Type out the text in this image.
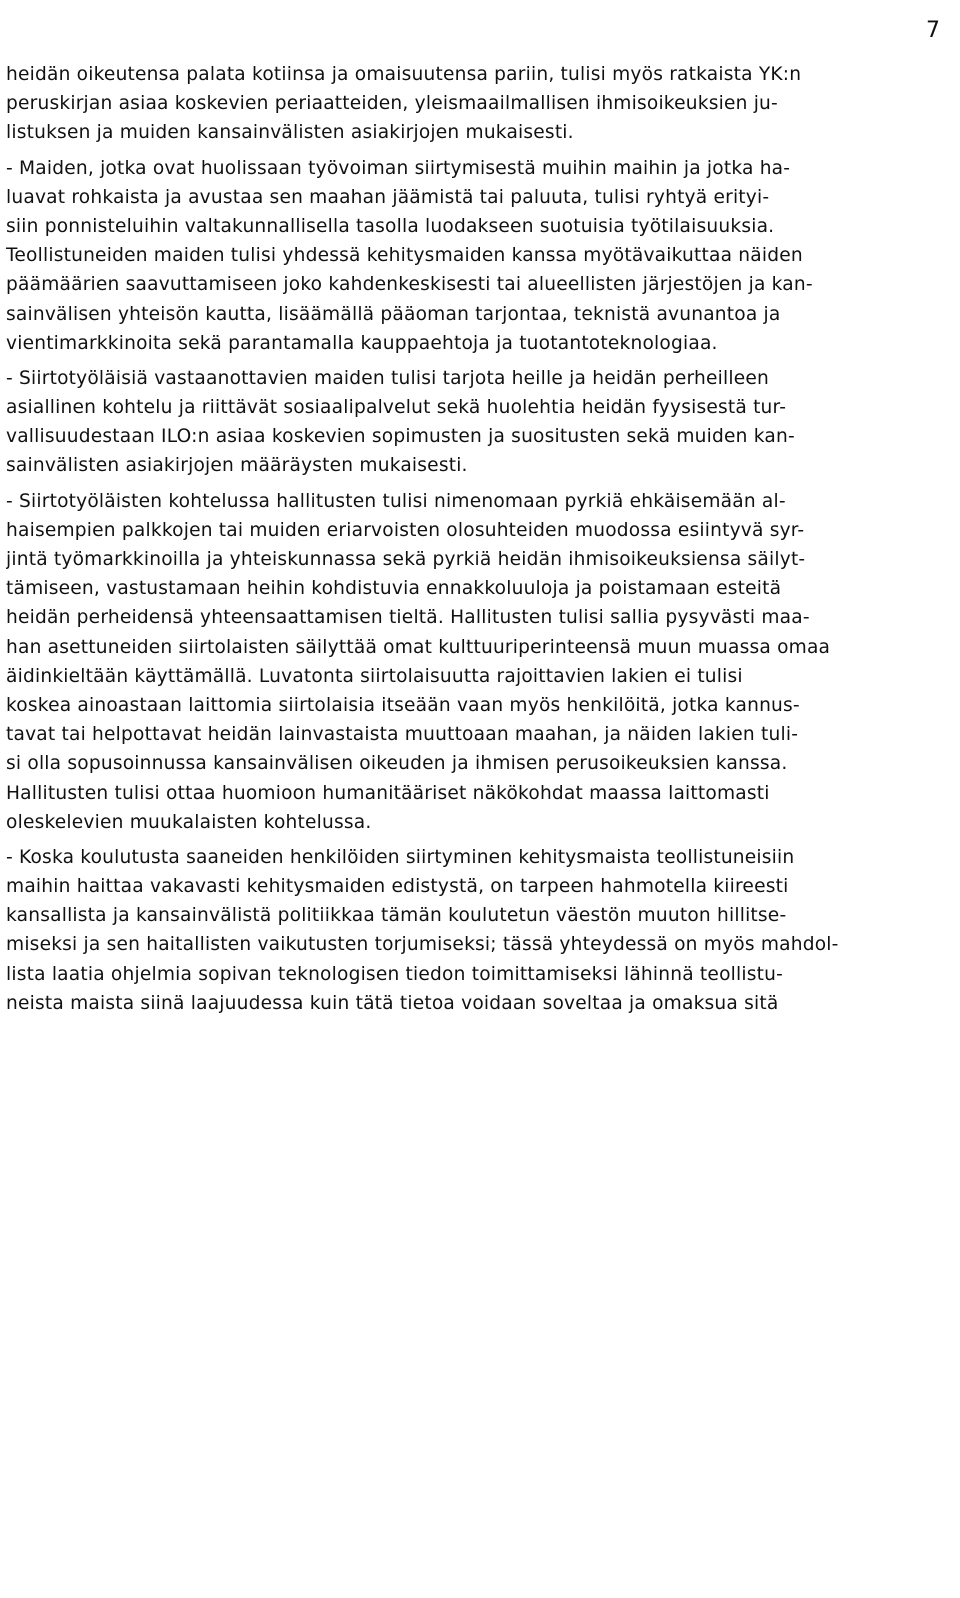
7
heidän oikeutensa palata kotiinsa ja omaisuutensa pariin, tulisi myös ratkaista YK:n
peruskirjan asiaa koskevien periaatteiden, yleismaailmallisen ihmisoikeuksien ju-
listuksen ja muiden kansainvälisten asiakirjojen mukaisesti.
- Maiden, jotka ovat huolissaan työvoiman siirtymisestä muihin maihin ja jotka ha-
luavat rohkaista ja avustaa sen maahan jäämistä tai paluuta, tulisi ryhtyä erityi-
siin ponnisteluihin valtakunnallisella tasolla luodakseen suotuisia työtilaisuuksia.
Teollistuneiden maiden tulisi yhdessä kehitysmaiden kanssa myötävaikuttaa näiden
päämäärien saavuttamiseen joko kahdenkeskisesti tai alueellisten järjestöjen ja kan-
sainvälisen yhteisön kautta, lisäämällä pääoman tarjontaa, teknistä avunantoa ja
vientimarkkinoita sekä parantamalla kauppaehtoja ja tuotantoteknologiaa.
- Siirtotyöläisiä vastaanottavien maiden tulisi tarjota heille ja heidän perheilleen
asiallinen kohtelu ja riittävät sosiaalipalvelut sekä huolehtia heidän fyysisestä tur-
vallisuudestaan ILO:n asiaa koskevien sopimusten ja suositusten sekä muiden kan-
sainvälisten asiakirjojen määräysten mukaisesti.
- Siirtotyöläisten kohtelussa hallitusten tulisi nimenomaan pyrkiä ehkäisemään al-
haisempien palkkojen tai muiden eriarvoisten olosuhteiden muodossa esiintyvä syr-
jintä työmarkkinoilla ja yhteiskunnassa sekä pyrkiä heidän ihmisoikeuksiensa säilyt-
tämiseen, vastustamaan heihin kohdistuvia ennakkoluuloja ja poistamaan esteitä
heidän perheidensä yhteensaattamisen tieltä. Hallitusten tulisi sallia pysyvästi maa-
han asettuneiden siirtolaisten säilyttää omat kulttuuriperinteensä muun muassa omaa
äidinkieltään käyttämällä. Luvatonta siirtolaisuutta rajoittavien lakien ei tulisi
koskea ainoastaan laittomia siirtolaisia itseään vaan myös henkilöitä, jotka kannus-
tavat tai helpottavat heidän lainvastaista muuttoaan maahan, ja näiden lakien tuli-
si olla sopusoinnussa kansainvälisen oikeuden ja ihmisen perusoikeuksien kanssa.
Hallitusten tulisi ottaa huomioon humanitääriset näkökohdat maassa laittomasti
oleskelevien muukalaisten kohtelussa.
- Koska koulutusta saaneiden henkilöiden siirtyminen kehitysmaista teollistuneisiin
maihin haittaa vakavasti kehitysmaiden edistystä, on tarpeen hahmotella kiireesti
kansallista ja kansainvälistä politiikkaa tämän koulutetun väestön muuton hillitse-
miseksi ja sen haitallisten vaikutusten torjumiseksi; tässä yhteydessä on myös mahdol-
lista laatia ohjelmia sopivan teknologisen tiedon toimittamiseksi lähinnä teollistu-
neista maista siinä laajuudessa kuin tätä tietoa voidaan soveltaa ja omaksua sitä
